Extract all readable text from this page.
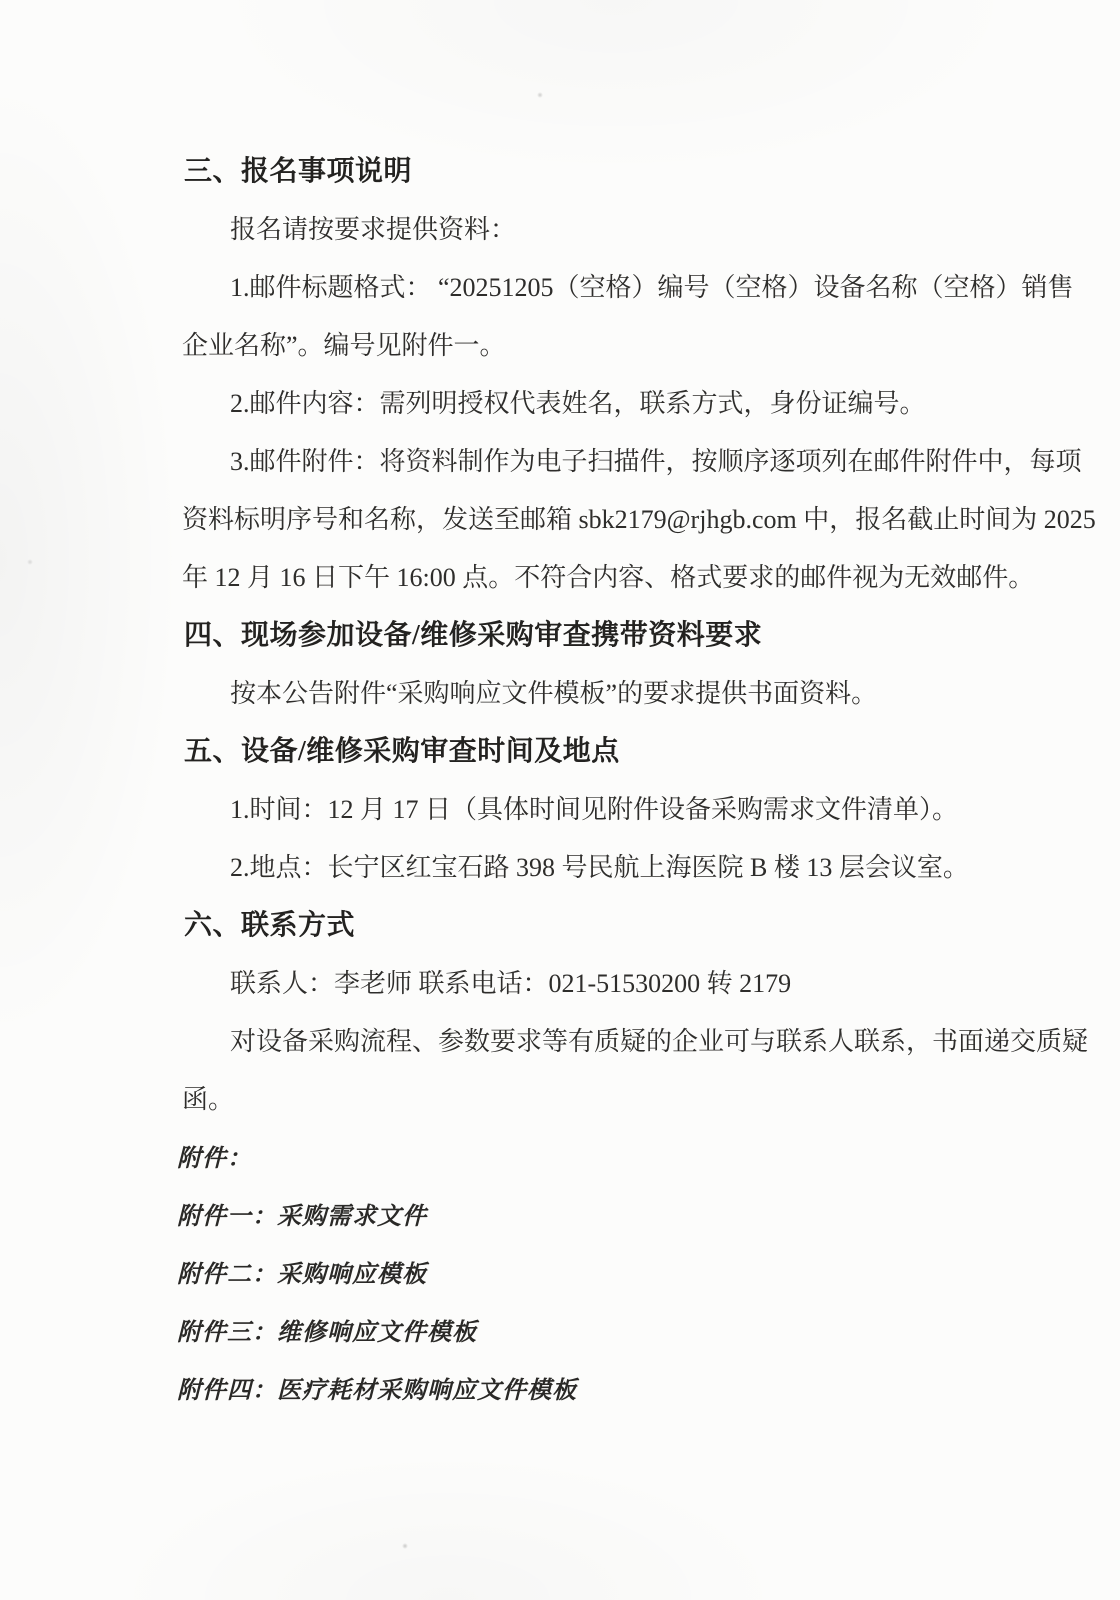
三、报名事项说明
报名请按要求提供资料：
1.邮件标题格式： “20251205（空格）编号（空格）设备名称（空格）销售
企业名称”。编号见附件一。
2.邮件内容：需列明授权代表姓名，联系方式，身份证编号。
3.邮件附件：将资料制作为电子扫描件，按顺序逐项列在邮件附件中，每项
资料标明序号和名称，发送至邮箱 sbk2179@rjhgb.com 中，报名截止时间为 2025
年 12 月 16 日下午 16:00 点。不符合内容、格式要求的邮件视为无效邮件。
四、现场参加设备/维修采购审查携带资料要求
按本公告附件“采购响应文件模板”的要求提供书面资料。
五、设备/维修采购审查时间及地点
1.时间：12 月 17 日（具体时间见附件设备采购需求文件清单）。
2.地点：长宁区红宝石路 398 号民航上海医院 B 楼 13 层会议室。
六、联系方式
联系人：李老师 联系电话：021-51530200 转 2179
对设备采购流程、参数要求等有质疑的企业可与联系人联系，书面递交质疑
函。
附件：
附件一：采购需求文件
附件二：采购响应模板
附件三：维修响应文件模板
附件四：医疗耗材采购响应文件模板
